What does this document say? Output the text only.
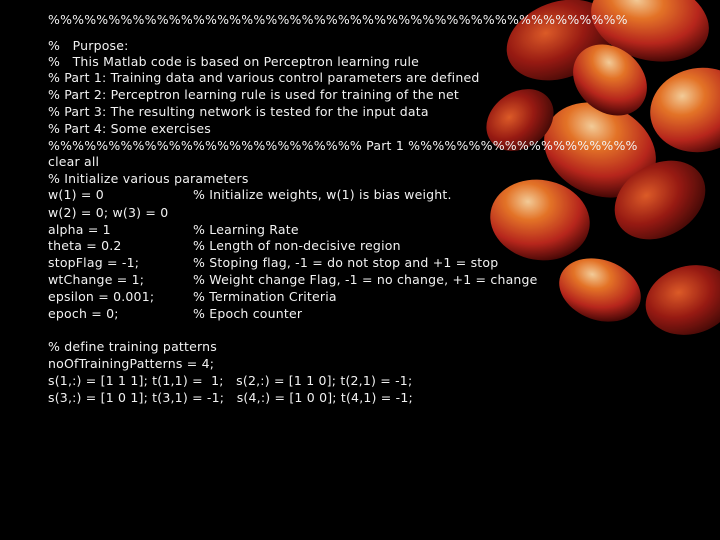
%%%%%%%%%%%%%%%%%%%%%%%%%%%%%%%%%%%%%%%%%%%%%%%%
%   Purpose:
%   This Matlab code is based on Perceptron learning rule
% Part 1: Training data and various control parameters are defined
% Part 2: Perceptron learning rule is used for training of the net
% Part 3: The resulting network is tested for the input data
% Part 4: Some exercises
%%%%%%%%%%%%%%%%%%%%%%%%%% Part 1 %%%%%%%%%%%%%%%%%%%
clear all
% Initialize various parameters
w(1) = 0	% Initialize weights, w(1) is bias weight.
w(2) = 0; w(3) = 0
alpha = 1	% Learning Rate
theta = 0.2	% Length of non-decisive region
stopFlag = -1;	% Stoping flag, -1 = do not stop and +1 = stop
wtChange = 1;	% Weight change Flag, -1 = no change, +1 = change
epsilon = 0.001;	% Termination Criteria
epoch = 0;	% Epoch counter
% define training patterns
noOfTrainingPatterns = 4;
s(1,:) = [1 1 1]; t(1,1) =  1;   s(2,:) = [1 1 0]; t(2,1) = -1;
s(3,:) = [1 0 1]; t(3,1) = -1;   s(4,:) = [1 0 0]; t(4,1) = -1;
